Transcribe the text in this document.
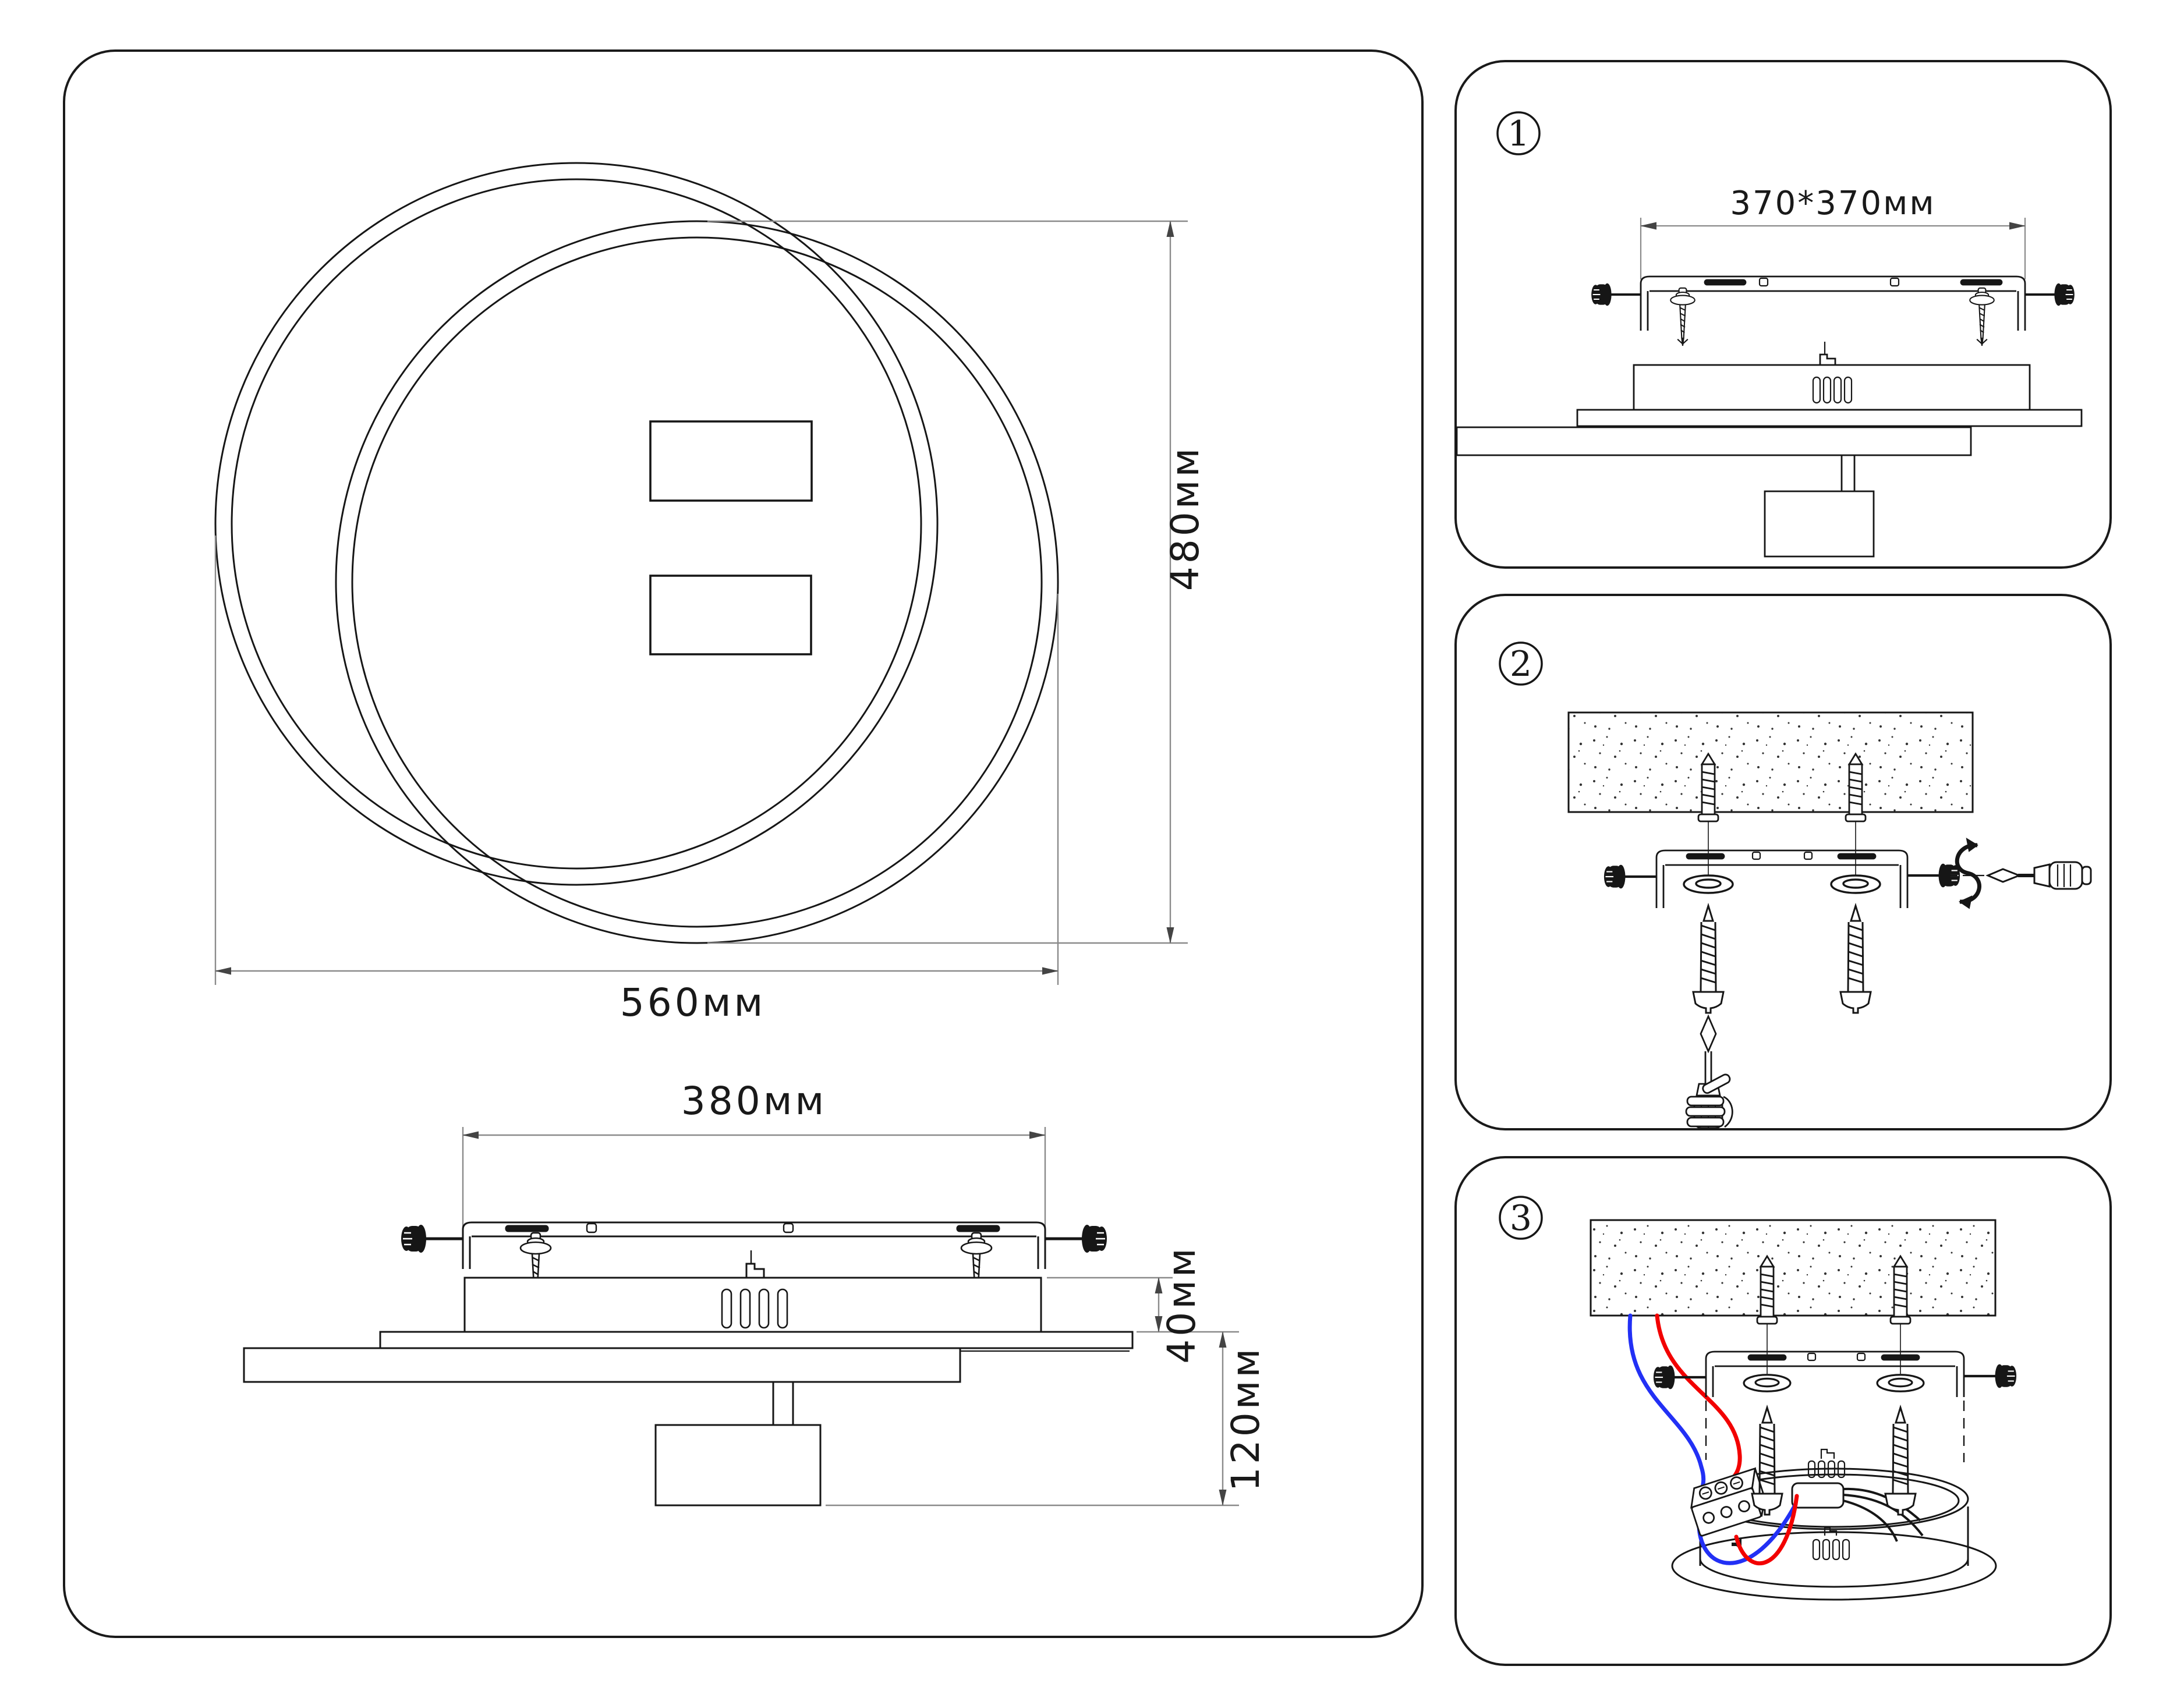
480мм
560мм
380мм
40мм
120мм
1
370*370мм
2
3
